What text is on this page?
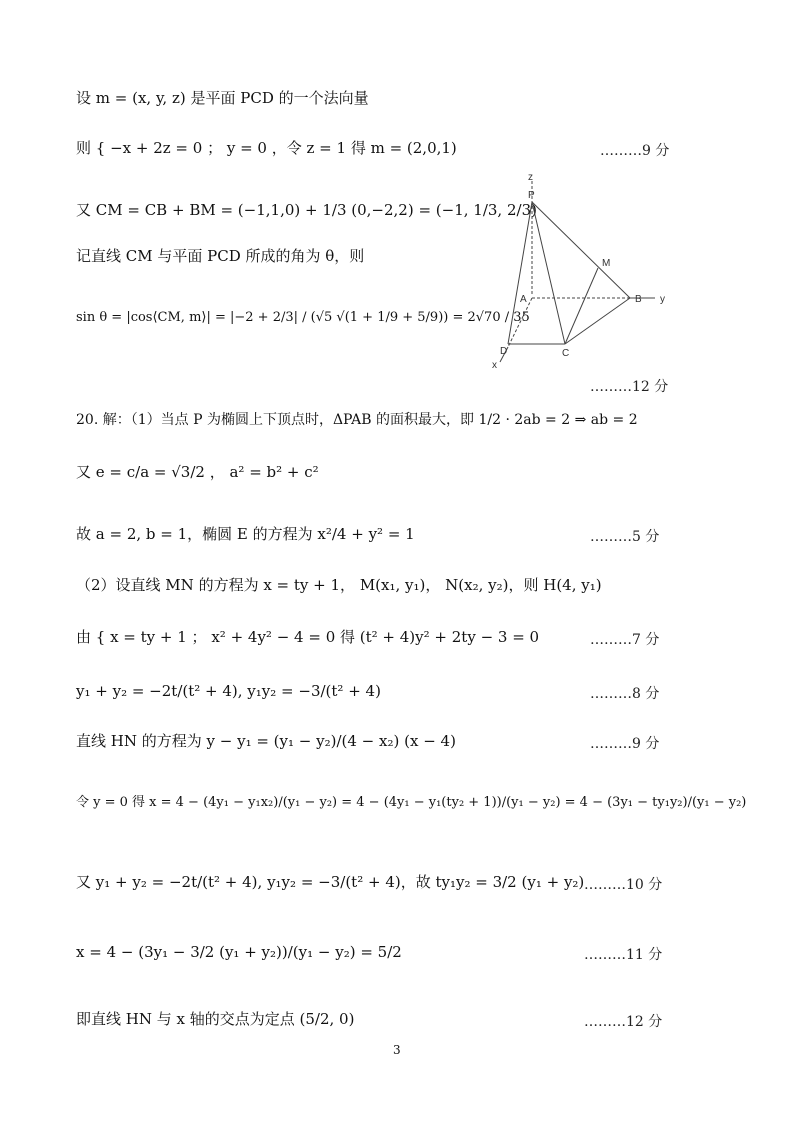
设 m = (x, y, z) 是平面 PCD 的一个法向量
则 { −x + 2z = 0 ； y = 0 ，令 z = 1 得 m = (2,0,1)
又 CM = CB + BM = (−1,1,0) + 1/3 (0,−2,2) = (−1, 1/3, 2/3)
记直线 CM 与平面 PCD 所成的角为 θ，则
sin θ = |cos⟨CM, m⟩| = |−2 + 2/3| / (√5 √(1 + 1/9 + 5/9)) = 2√70 / 35
20. 解：（1）当点 P 为椭圆上下顶点时，ΔPAB 的面积最大，即 1/2 · 2ab = 2 ⇒ ab = 2
又 e = c/a = √3/2 ， a² = b² + c²
故 a = 2, b = 1，椭圆 E 的方程为 x²/4 + y² = 1
（2）设直线 MN 的方程为 x = ty + 1， M(x₁, y₁)， N(x₂, y₂)，则 H(4, y₁)
由 { x = ty + 1 ； x² + 4y² − 4 = 0 得 (t² + 4)y² + 2ty − 3 = 0
y₁ + y₂ = −2t/(t² + 4), y₁y₂ = −3/(t² + 4)
直线 HN 的方程为 y − y₁ = (y₁ − y₂)/(4 − x₂) (x − 4)
令 y = 0 得 x = 4 − (4y₁ − y₁x₂)/(y₁ − y₂) = 4 − (4y₁ − y₁(ty₂ + 1))/(y₁ − y₂) = 4 − (3y₁ − ty₁y₂)/(y₁ − y₂)
又 y₁ + y₂ = −2t/(t² + 4), y₁y₂ = −3/(t² + 4)，故 ty₁y₂ = 3/2 (y₁ + y₂)
x = 4 − (3y₁ − 3/2 (y₁ + y₂))/(y₁ − y₂) = 5/2
即直线 HN 与 x 轴的交点为定点 (5/2, 0)
………9 分
………12 分
………5 分
………7 分
………8 分
………9 分
………10 分
………11 分
………12 分
z
P
M
A	B y
D	C
x
3
